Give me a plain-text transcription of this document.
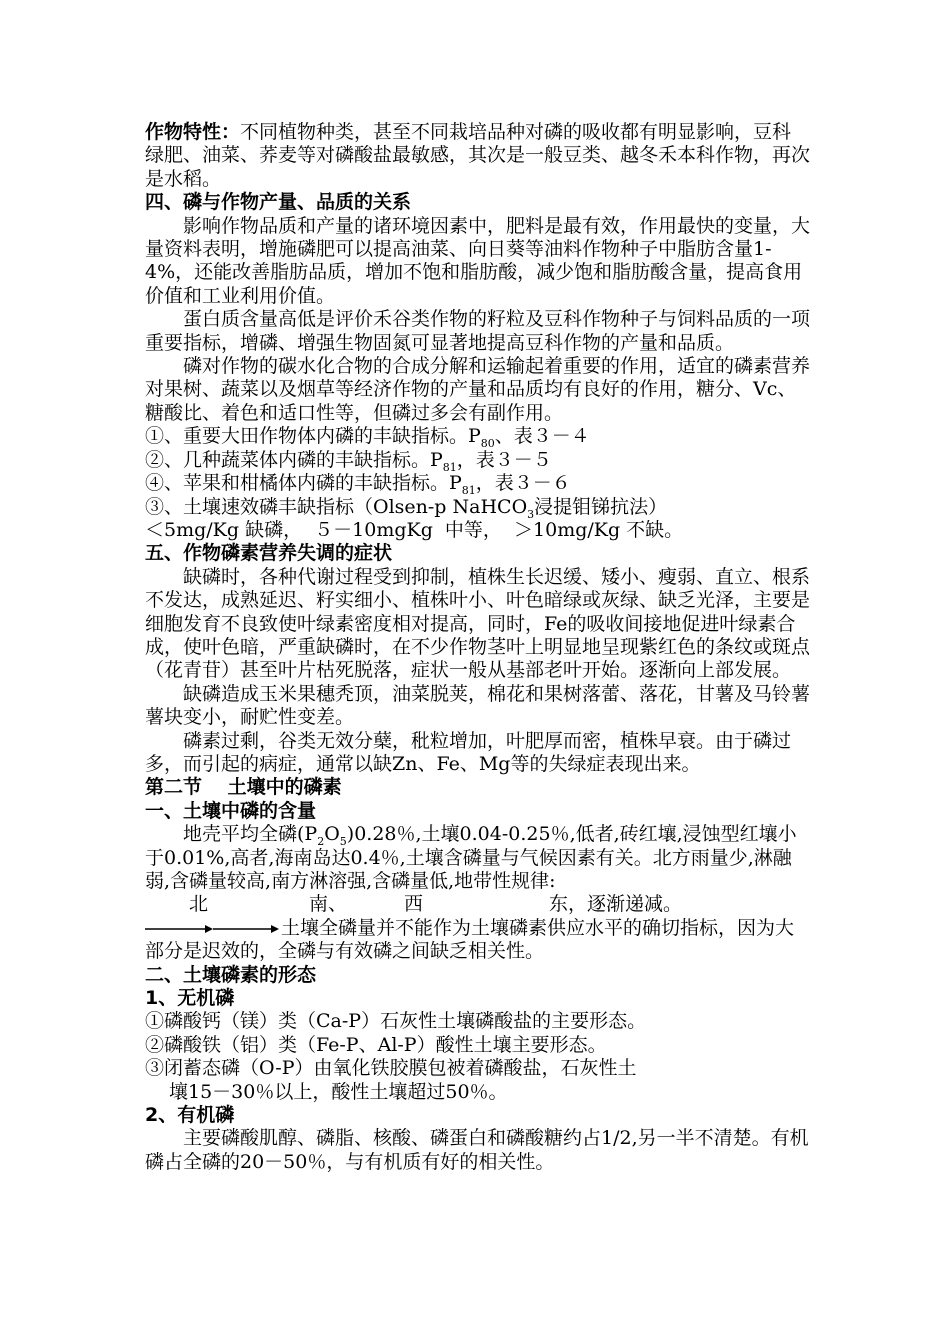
作物特性：不同植物种类，甚至不同栽培品种对磷的吸收都有明显影响，豆科绿肥、油菜、荞麦等对磷酸盐最敏感，其次是一般豆类、越冬禾本科作物，再次是水稻。

四、磷与作物产量、品质的关系

影响作物品质和产量的诸环境因素中，肥料是最有效，作用最快的变量，大量资料表明，增施磷肥可以提高油菜、向日葵等油料作物种子中脂肪含量1-4%，还能改善脂肪品质，增加不饱和脂肪酸，减少饱和脂肪酸含量，提高食用价值和工业利用价值。

蛋白质含量高低是评价禾谷类作物的籽粒及豆科作物种子与饲料品质的一项重要指标，增磷、增强生物固氮可显著地提高豆科作物的产量和品质。

磷对作物的碳水化合物的合成分解和运输起着重要的作用，适宜的磷素营养对果树、蔬菜以及烟草等经济作物的产量和品质均有良好的作用，糖分、Vc、糖酸比、着色和适口性等，但磷过多会有副作用。

①、重要大田作物体内磷的丰缺指标。$P_{80}$、表３－４

②、几种蔬菜体内磷的丰缺指标。$P_{81}$，表３－５

④、苹果和柑橘体内磷的丰缺指标。$P_{81}$，表３－６

③、土壤速效磷丰缺指标（Olsen-p NaHCO$_3$浸提钼锑抗法）

＜5mg/Kg 缺磷，  ５－10mgKg  中等，  ＞10mg/Kg 不缺。

五、作物磷素营养失调的症状

缺磷时，各种代谢过程受到抑制，植株生长迟缓、矮小、瘦弱、直立、根系不发达，成熟延迟、籽实细小、植株叶小、叶色暗绿或灰绿、缺乏光泽，主要是细胞发育不良致使叶绿素密度相对提高，同时，Fe的吸收间接地促进叶绿素合成，使叶色暗，严重缺磷时，在不少作物茎叶上明显地呈现紫红色的条纹或斑点（花青苷）甚至叶片枯死脱落，症状一般从基部老叶开始。逐渐向上部发展。

缺磷造成玉米果穗秃顶，油菜脱荚，棉花和果树落蕾、落花，甘薯及马铃薯薯块变小，耐贮性变差。

磷素过剩，谷类无效分蘖，秕粒增加，叶肥厚而密，植株早衰。由于磷过多，而引起的病症，通常以缺Zn、Fe、Mg等的失绿症表现出来。

第二节　 土壤中的磷素

一、土壤中磷的含量

地壳平均全磷$(P_2O_5)0.28$％,土壤0.04-0.25％,低者,砖红壤,浸蚀型红壤小于0.01%,高者,海南岛达0.4％,土壤含磷量与气候因素有关。北方雨量少,淋融弱,含磷量较高,南方淋溶强,含磷量低,地带性规律:

北	南、	西	东，逐渐递减。

土壤全磷量并不能作为土壤磷素供应水平的确切指标，因为大部分是迟效的，全磷与有效磷之间缺乏相关性。

二、土壤磷素的形态

1、无机磷

①磷酸钙（镁）类（Ca-P）石灰性土壤磷酸盐的主要形态。

②磷酸铁（铝）类（Fe-P、Al-P）酸性土壤主要形态。

③闭蓄态磷（O-P）由氧化铁胶膜包被着磷酸盐，石灰性土

壤15－30％以上，酸性土壤超过50％。

2、有机磷

主要磷酸肌醇、磷脂、核酸、磷蛋白和磷酸糖约占1/2,另一半不清楚。有机磷占全磷的20－50％，与有机质有好的相关性。
